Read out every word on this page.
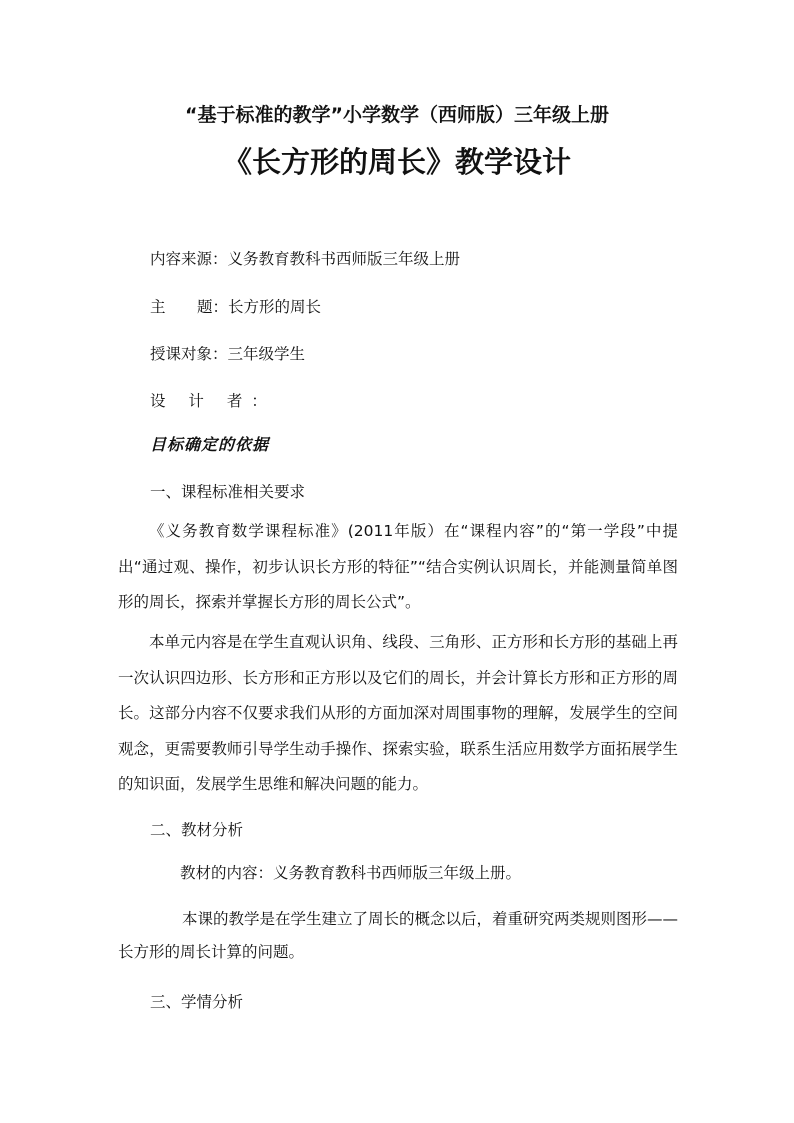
“基于标准的教学”小学数学（西师版）三年级上册
《长方形的周长》教学设计
内容来源：义务教育教科书西师版三年级上册
主 题：长方形的周长
授课对象：三年级学生
设 计 者：
目标确定的依据
一、课程标准相关要求

《义务教育数学课程标准》(2011年版）在“课程内容”的“第一学段”中提出“通过观、操作，初步认识长方形的特征”“结合实例认识周长，并能测量简单图形的周长，探索并掌握长方形的周长公式”。

本单元内容是在学生直观认识角、线段、三角形、正方形和长方形的基础上再一次认识四边形、长方形和正方形以及它们的周长，并会计算长方形和正方形的周长。这部分内容不仅要求我们从形的方面加深对周围事物的理解，发展学生的空间观念，更需要教师引导学生动手操作、探索实验，联系生活应用数学方面拓展学生的知识面，发展学生思维和解决问题的能力。

二、教材分析

教材的内容：义务教育教科书西师版三年级上册。

本课的教学是在学生建立了周长的概念以后，着重研究两类规则图形——长方形的周长计算的问题。

三、学情分析
